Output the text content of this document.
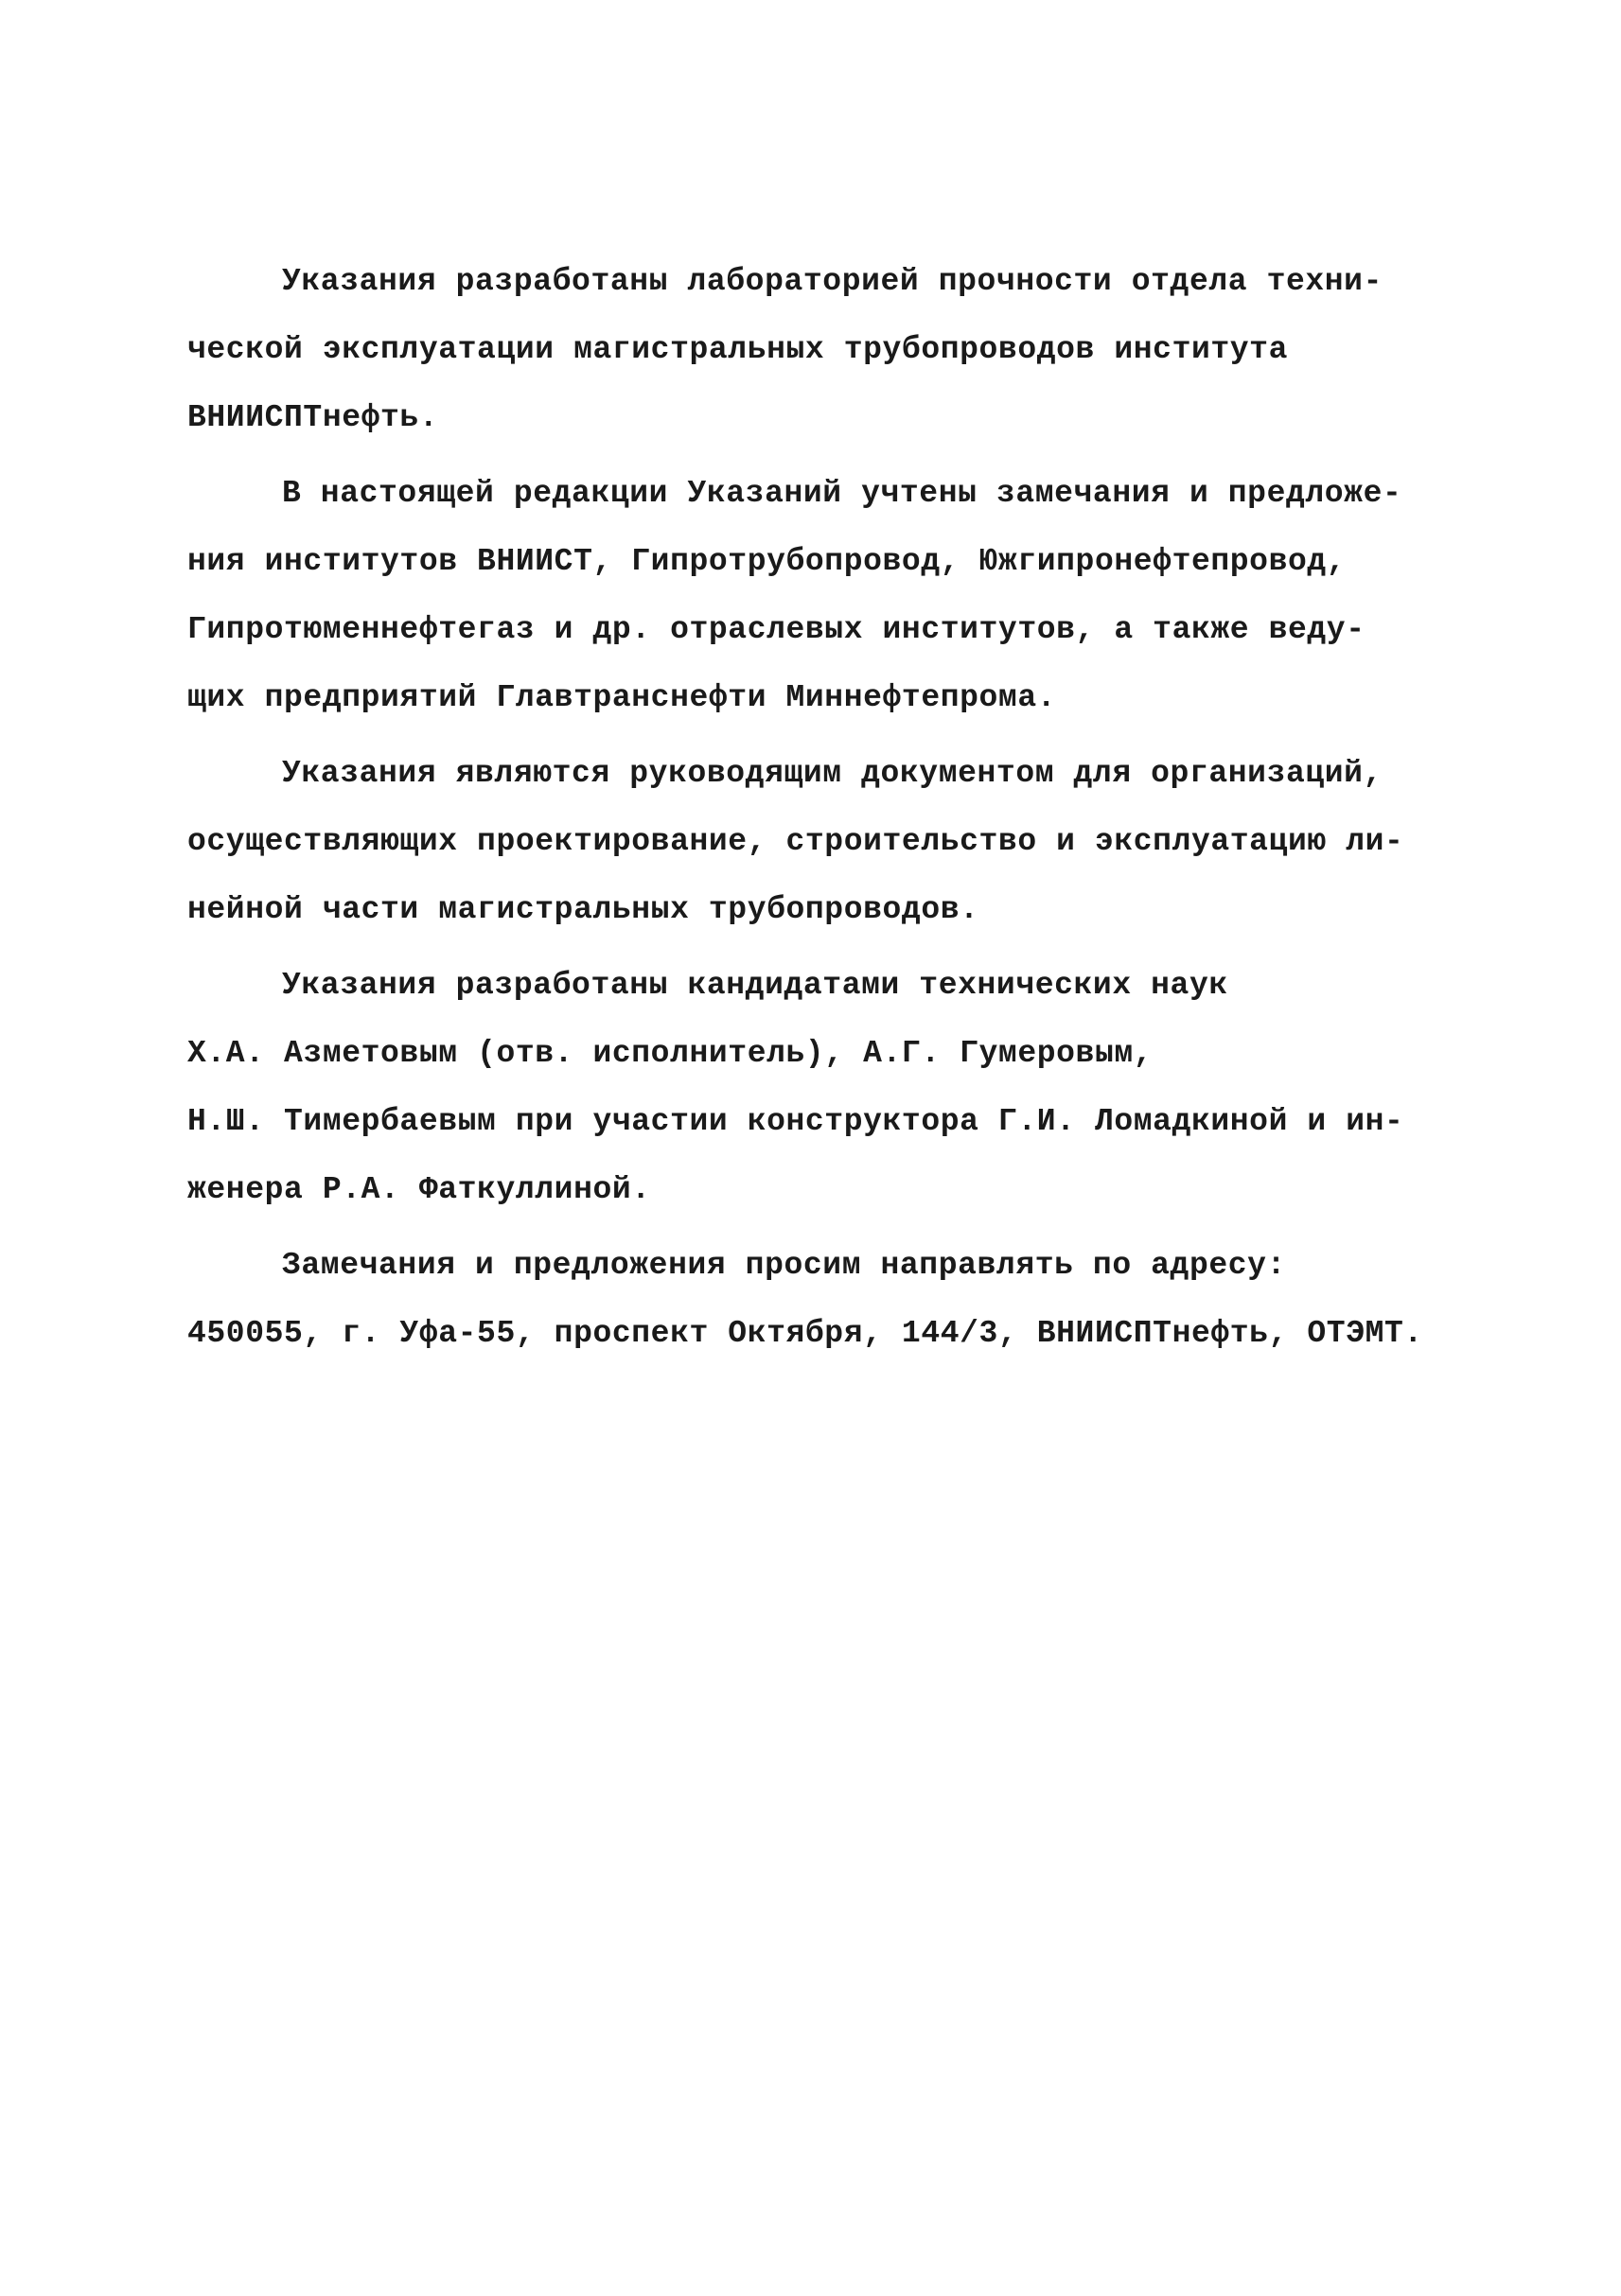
Указания разработаны лабораторией прочности отдела техни-
ческой эксплуатации магистральных трубопроводов института
ВНИИСПТнефть.
В настоящей редакции Указаний учтены замечания и предложе-
ния институтов ВНИИСТ, Гипротрубопровод, Южгипронефтепровод,
Гипротюменнефтегаз и др. отраслевых институтов, а также веду-
щих предприятий Главтранснефти Миннефтепрома.
Указания являются руководящим документом для организаций,
осуществляющих проектирование, строительство и эксплуатацию ли-
нейной части магистральных трубопроводов.
Указания разработаны кандидатами технических наук
Х.А. Азметовым (отв. исполнитель), А.Г. Гумеровым,
Н.Ш. Тимербаевым при участии конструктора Г.И. Ломадкиной и ин-
женера Р.А. Фаткуллиной.
Замечания и предложения просим направлять по адресу:
450055, г. Уфа-55, проспект Октября, 144/3, ВНИИСПТнефть, ОТЭМТ.
